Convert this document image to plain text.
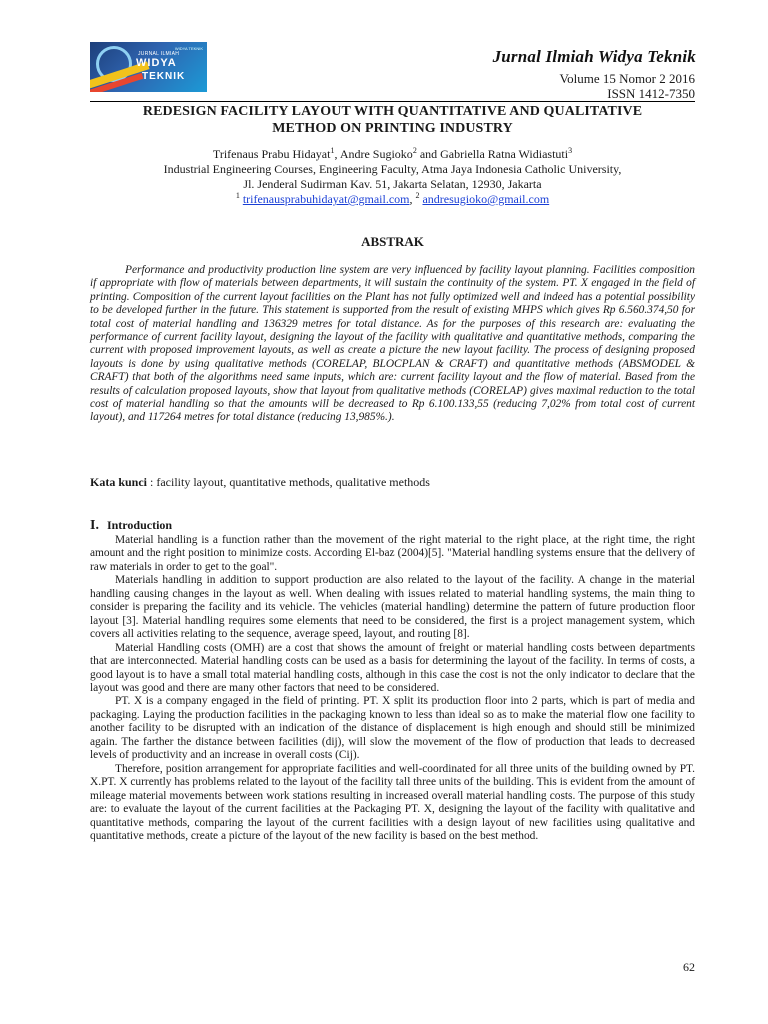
WIDYA TEKNIK
JURNAL ILMIAH
WIDYA
TEKNIK
Jurnal Ilmiah Widya Teknik
Volume 15 Nomor 2 2016
ISSN 1412-7350
REDESIGN FACILITY LAYOUT WITH QUANTITATIVE AND QUALITATIVE
METHOD ON PRINTING INDUSTRY
Trifenaus Prabu Hidayat$^1$, Andre Sugioko$^2$ and Gabriella Ratna Widiastuti$^3$
Industrial Engineering Courses, Engineering Faculty, Atma Jaya Indonesia Catholic University,
Jl. Jenderal Sudirman Kav. 51, Jakarta Selatan, 12930, Jakarta
$^1$ trifenausprabuhidayat@gmail.com, $^2$ andresugioko@gmail.com
ABSTRAK

Performance and productivity production line system are very influenced by facility layout planning. Facilities composition if appropriate with flow of materials between departments, it will sustain the continuity of the system. PT. X engaged in the field of printing. Composition of the current layout facilities on the Plant has not fully optimized well and indeed has a potential possibility to be developed further in the future. This statement is supported from the result of existing MHPS which gives Rp 6.560.374,50 for total cost of material handling and 136329 metres for total distance. As for the purposes of this research are: evaluating the performance of current facility layout, designing the layout of the facility with qualitative and quantitative methods, comparing the current with proposed improvement layouts, as well as create a picture the new layout facility. The process of designing proposed layouts is done by using qualitative methods (CORELAP, BLOCPLAN & CRAFT) and quantitative methods (ABSMODEL & CRAFT) that both of the algorithms need same inputs, which are: current facility layout and the flow of material. Based from the results of calculation proposed layouts, show that layout from qualitative methods (CORELAP) gives maximal reduction to the total cost of material handling so that the amounts will be decreased to Rp 6.100.133,55 (reducing 7,02% from total cost of current layout), and 117264 metres for total distance (reducing 13,985%.).

Kata kunci : facility layout, quantitative methods, qualitative methods
I. Introduction

Material handling is a function rather than the movement of the right material to the right place, at the right time, the right amount and the right position to minimize costs. According El-baz (2004)[5]. "Material handling systems ensure that the delivery of raw materials in order to get to the goal".

Materials handling in addition to support production are also related to the layout of the facility. A change in the material handling causing changes in the layout as well. When dealing with issues related to material handling systems, the main thing to consider is preparing the facility and its vehicle. The vehicles (material handling) determine the pattern of future production floor layout [3]. Material handling requires some elements that need to be considered, the first is a project management system, which covers all activities relating to the sequence, average speed, layout, and routing [8].

Material Handling costs (OMH) are a cost that shows the amount of freight or material handling costs between departments that are interconnected. Material handling costs can be used as a basis for determining the layout of the facility. In terms of costs, a good layout is to have a small total material handling costs, although in this case the cost is not the only indicator to declare that the layout was good and there are many other factors that need to be considered.

PT. X is a company engaged in the field of printing. PT. X split its production floor into 2 parts, which is part of media and packaging. Laying the production facilities in the packaging known to less than ideal so as to make the material flow one facility to another facility to be disrupted with an indication of the distance of displacement is high enough and should still be minimized again. The farther the distance between facilities (dij), will slow the movement of the flow of production that leads to decreased levels of productivity and an increase in overall costs (Cij).

Therefore, position arrangement for appropriate facilities and well-coordinated for all three units of the building owned by PT. X.PT. X currently has problems related to the layout of the facility tall three units of the building. This is evident from the amount of mileage material movements between work stations resulting in increased overall material handling costs. The purpose of this study are: to evaluate the layout of the current facilities at the Packaging PT. X, designing the layout of the facility with qualitative and quantitative methods, comparing the layout of the current facilities with a design layout of new facilities using qualitative and quantitative methods, create a picture of the layout of the new facility is based on the best method.

62
